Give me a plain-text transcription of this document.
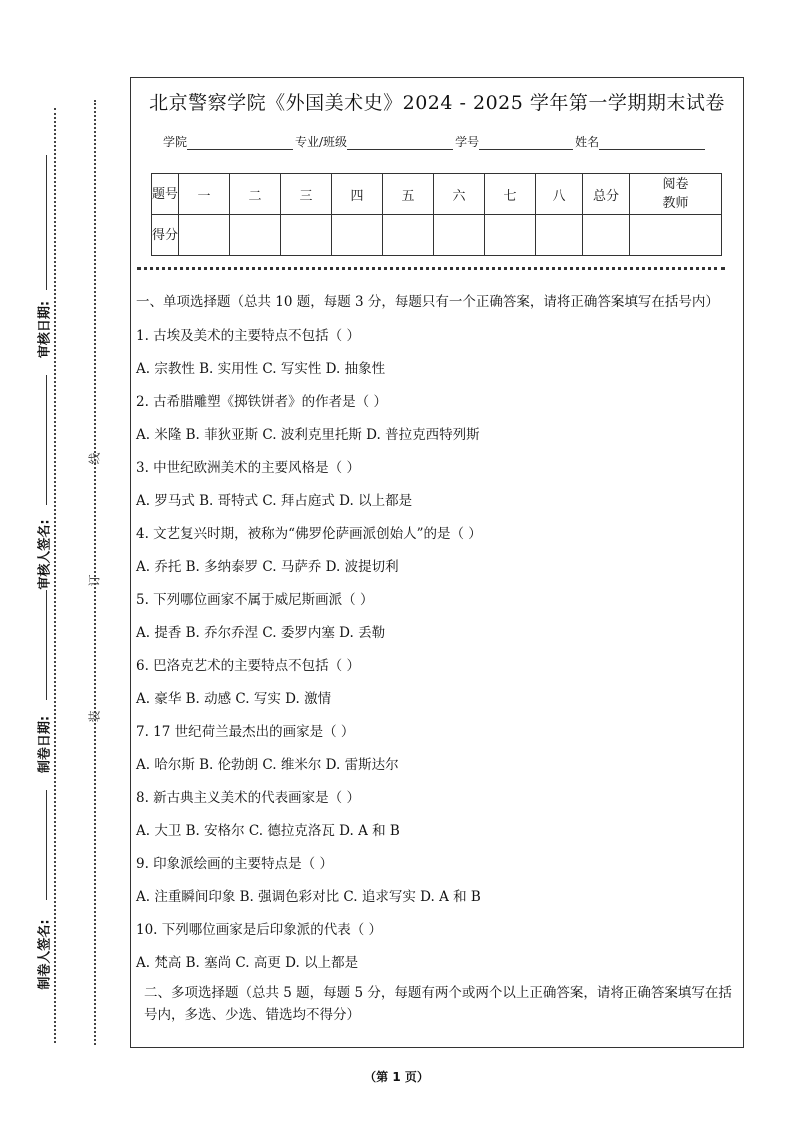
审核日期:
审核人签名:
制卷日期:
制卷人签名:
线
订
装
北京警察学院《外国美术史》2024 - 2025 学年第一学期期末试卷
学院	专业/班级	学号	姓名
题号	一	二	三	四	五	六	七	八	总分	阅卷教师
得分										
一、单项选择题（总共 10 题，每题 3 分，每题只有一个正确答案，请将正确答案填写在括号内）
1. 古埃及美术的主要特点不包括（ ）
A. 宗教性 B. 实用性 C. 写实性 D. 抽象性
2. 古希腊雕塑《掷铁饼者》的作者是（ ）
A. 米隆 B. 菲狄亚斯 C. 波利克里托斯 D. 普拉克西特列斯
3. 中世纪欧洲美术的主要风格是（ ）
A. 罗马式 B. 哥特式 C. 拜占庭式 D. 以上都是
4. 文艺复兴时期，被称为“佛罗伦萨画派创始人”的是（ ）
A. 乔托 B. 多纳泰罗 C. 马萨乔 D. 波提切利
5. 下列哪位画家不属于威尼斯画派（ ）
A. 提香 B. 乔尔乔涅 C. 委罗内塞 D. 丢勒
6. 巴洛克艺术的主要特点不包括（ ）
A. 豪华 B. 动感 C. 写实 D. 激情
7. 17 世纪荷兰最杰出的画家是（ ）
A. 哈尔斯 B. 伦勃朗 C. 维米尔 D. 雷斯达尔
8. 新古典主义美术的代表画家是（ ）
A. 大卫 B. 安格尔 C. 德拉克洛瓦 D. A 和 B
9. 印象派绘画的主要特点是（ ）
A. 注重瞬间印象 B. 强调色彩对比 C. 追求写实 D. A 和 B
10. 下列哪位画家是后印象派的代表（ ）
A. 梵高 B. 塞尚 C. 高更 D. 以上都是
二、多项选择题（总共 5 题，每题 5 分，每题有两个或两个以上正确答案，请将正确答案填写在括号内，多选、少选、错选均不得分）
（第 1 页）
